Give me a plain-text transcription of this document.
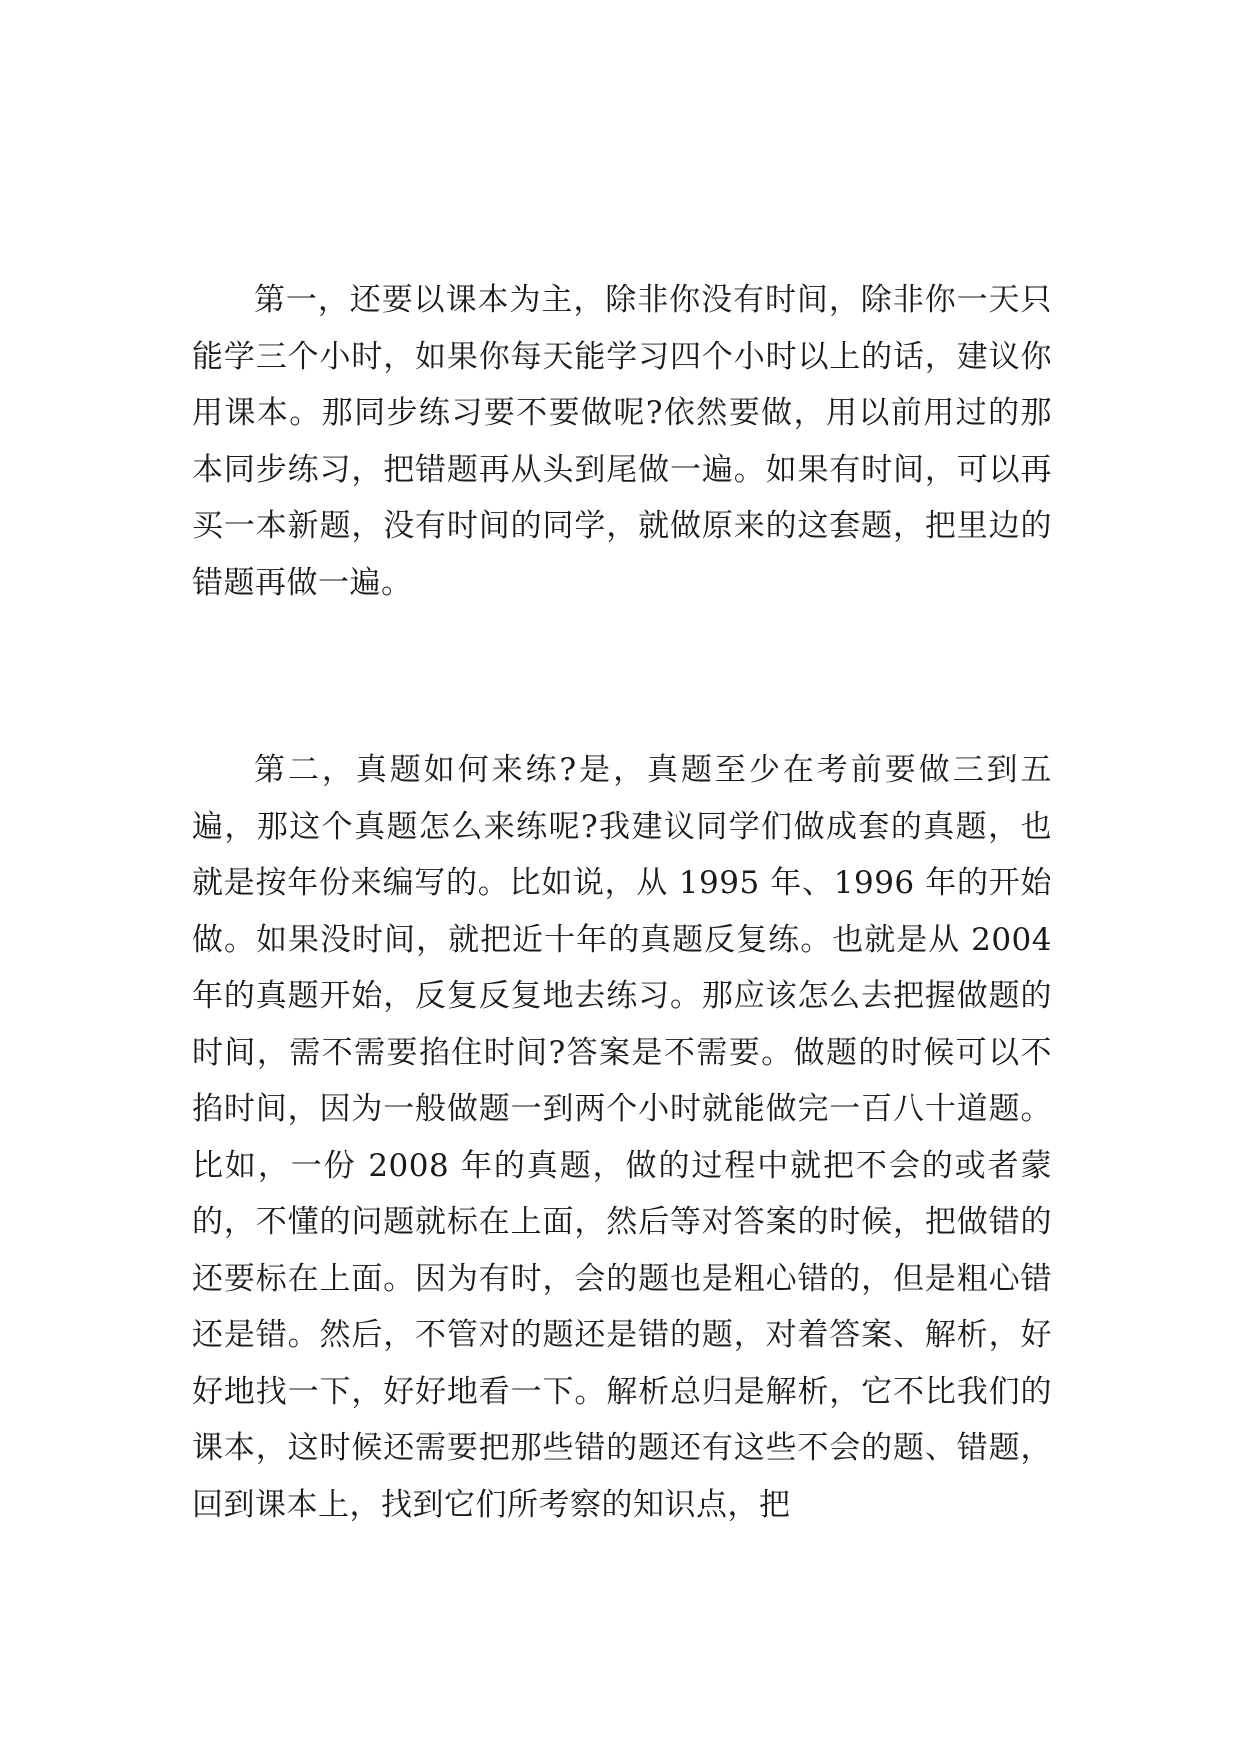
第一，还要以课本为主，除非你没有时间，除非你一天只能学三个小时，如果你每天能学习四个小时以上的话，建议你用课本。那同步练习要不要做呢?依然要做，用以前用过的那本同步练习，把错题再从头到尾做一遍。如果有时间，可以再买一本新题，没有时间的同学，就做原来的这套题，把里边的错题再做一遍。

第二，真题如何来练?是，真题至少在考前要做三到五遍，那这个真题怎么来练呢?我建议同学们做成套的真题，也就是按年份来编写的。比如说，从 1995 年、1996 年的开始做。如果没时间，就把近十年的真题反复练。也就是从 2004 年的真题开始，反复反复地去练习。那应该怎么去把握做题的时间，需不需要掐住时间?答案是不需要。做题的时候可以不掐时间，因为一般做题一到两个小时就能做完一百八十道题。比如，一份 2008 年的真题，做的过程中就把不会的或者蒙的，不懂的问题就标在上面，然后等对答案的时候，把做错的还要标在上面。因为有时，会的题也是粗心错的，但是粗心错还是错。然后，不管对的题还是错的题，对着答案、解析，好好地找一下，好好地看一下。解析总归是解析，它不比我们的课本，这时候还需要把那些错的题还有这些不会的题、错题，回到课本上，找到它们所考察的知识点，把
